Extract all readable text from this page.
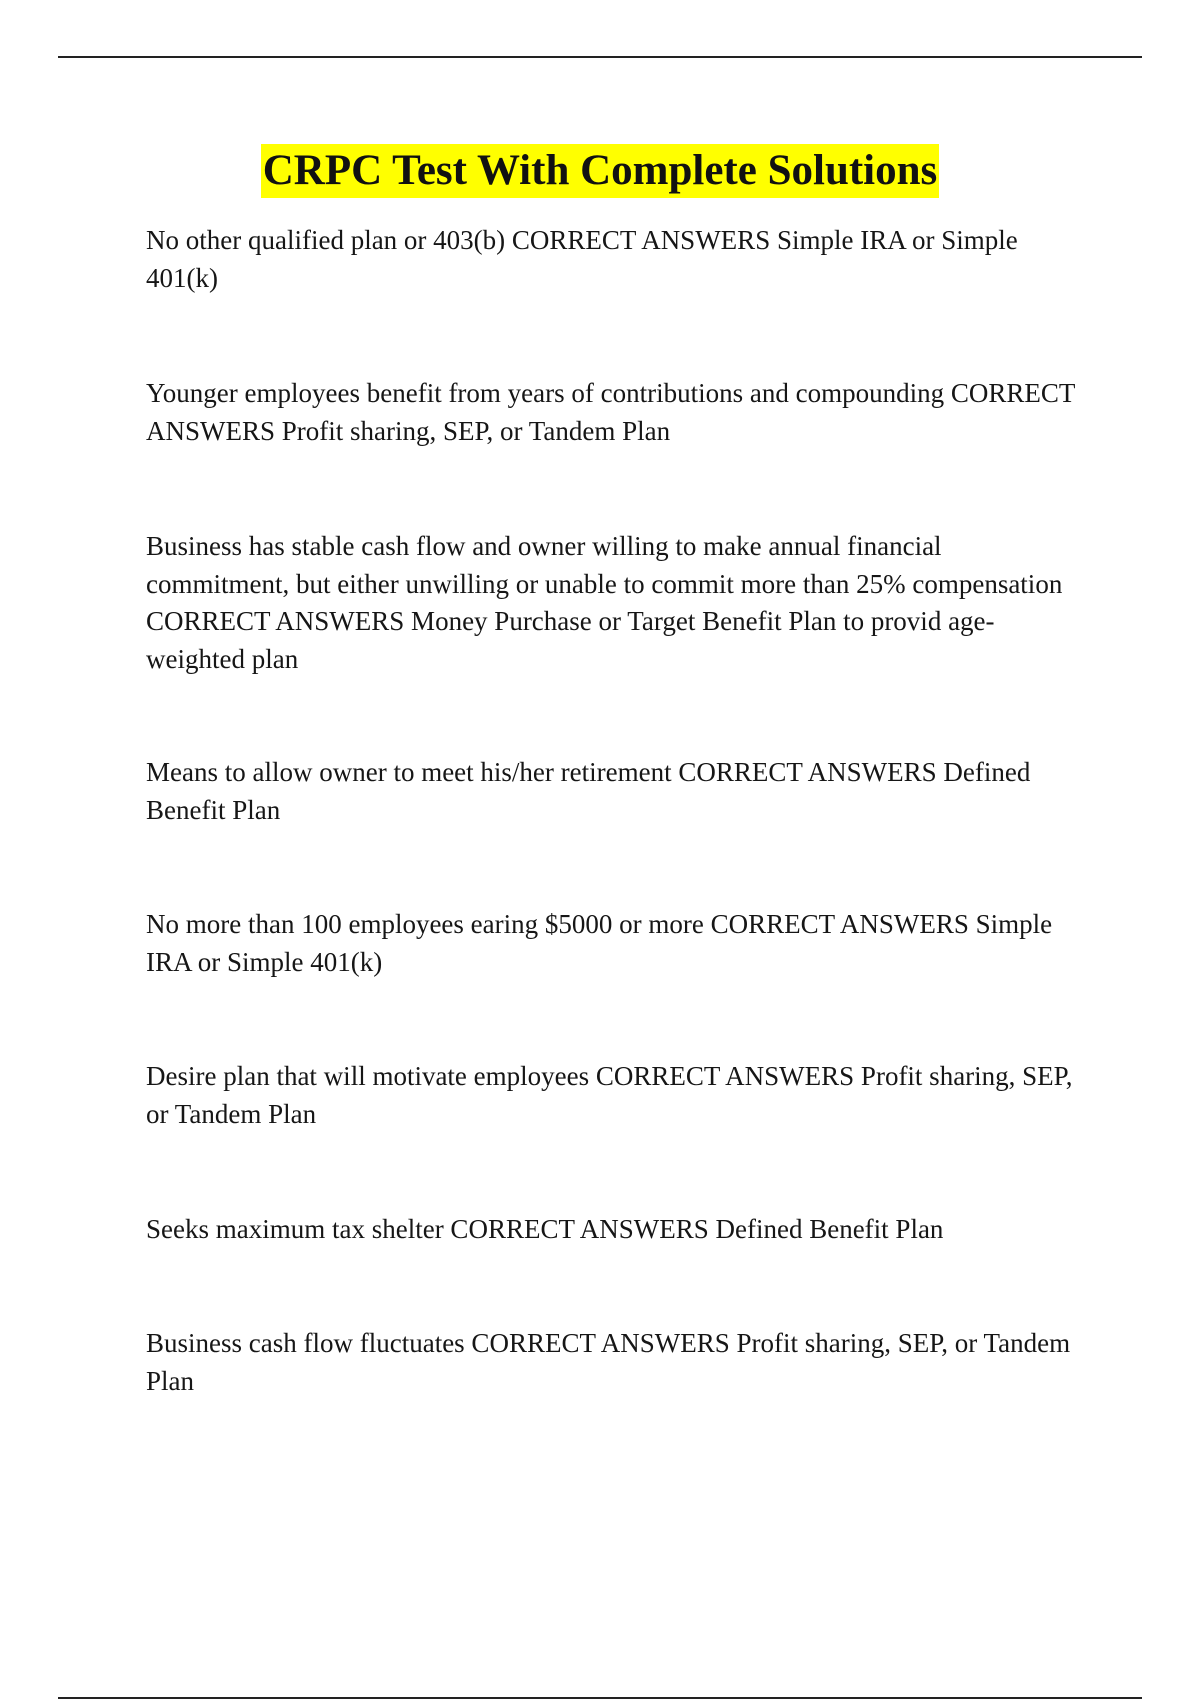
CRPC Test With Complete Solutions

No other qualified plan or 403(b) CORRECT ANSWERS Simple IRA or Simple 401(k)

Younger employees benefit from years of contributions and compounding CORRECT ANSWERS Profit sharing, SEP, or Tandem Plan

Business has stable cash flow and owner willing to make annual financial commitment, but either unwilling or unable to commit more than 25% compensation CORRECT ANSWERS Money Purchase or Target Benefit Plan to provid age-weighted plan

Means to allow owner to meet his/her retirement CORRECT ANSWERS Defined Benefit Plan

No more than 100 employees earing $5000 or more CORRECT ANSWERS Simple IRA or Simple 401(k)

Desire plan that will motivate employees CORRECT ANSWERS Profit sharing, SEP, or Tandem Plan

Seeks maximum tax shelter CORRECT ANSWERS Defined Benefit Plan

Business cash flow fluctuates CORRECT ANSWERS Profit sharing, SEP, or Tandem Plan
